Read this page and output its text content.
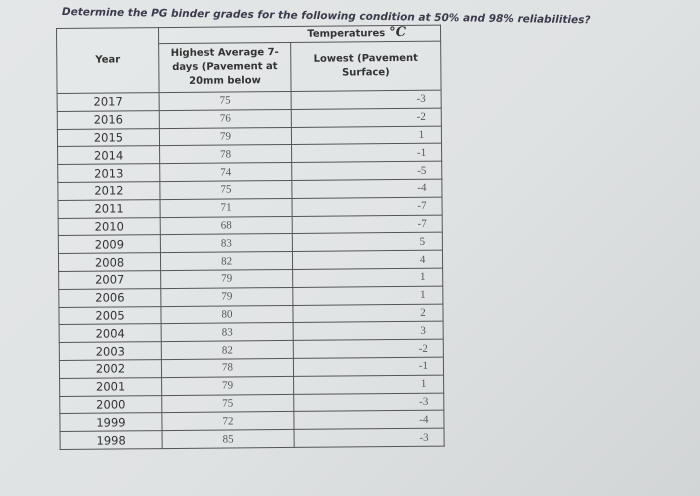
Determine the PG binder grades for the following condition at 50% and 98% reliabilities?
Year	Temperatures °C	
	Highest Average 7-days (Pavement at 20mm below	Lowest (Pavement Surface)
2017	75	-3
2016	76	-2
2015	79	1
2014	78	-1
2013	74	-5
2012	75	-4
2011	71	-7
2010	68	-7
2009	83	5
2008	82	4
2007	79	1
2006	79	1
2005	80	2
2004	83	3
2003	82	-2
2002	78	-1
2001	79	1
2000	75	-3
1999	72	-4
1998	85	-3
